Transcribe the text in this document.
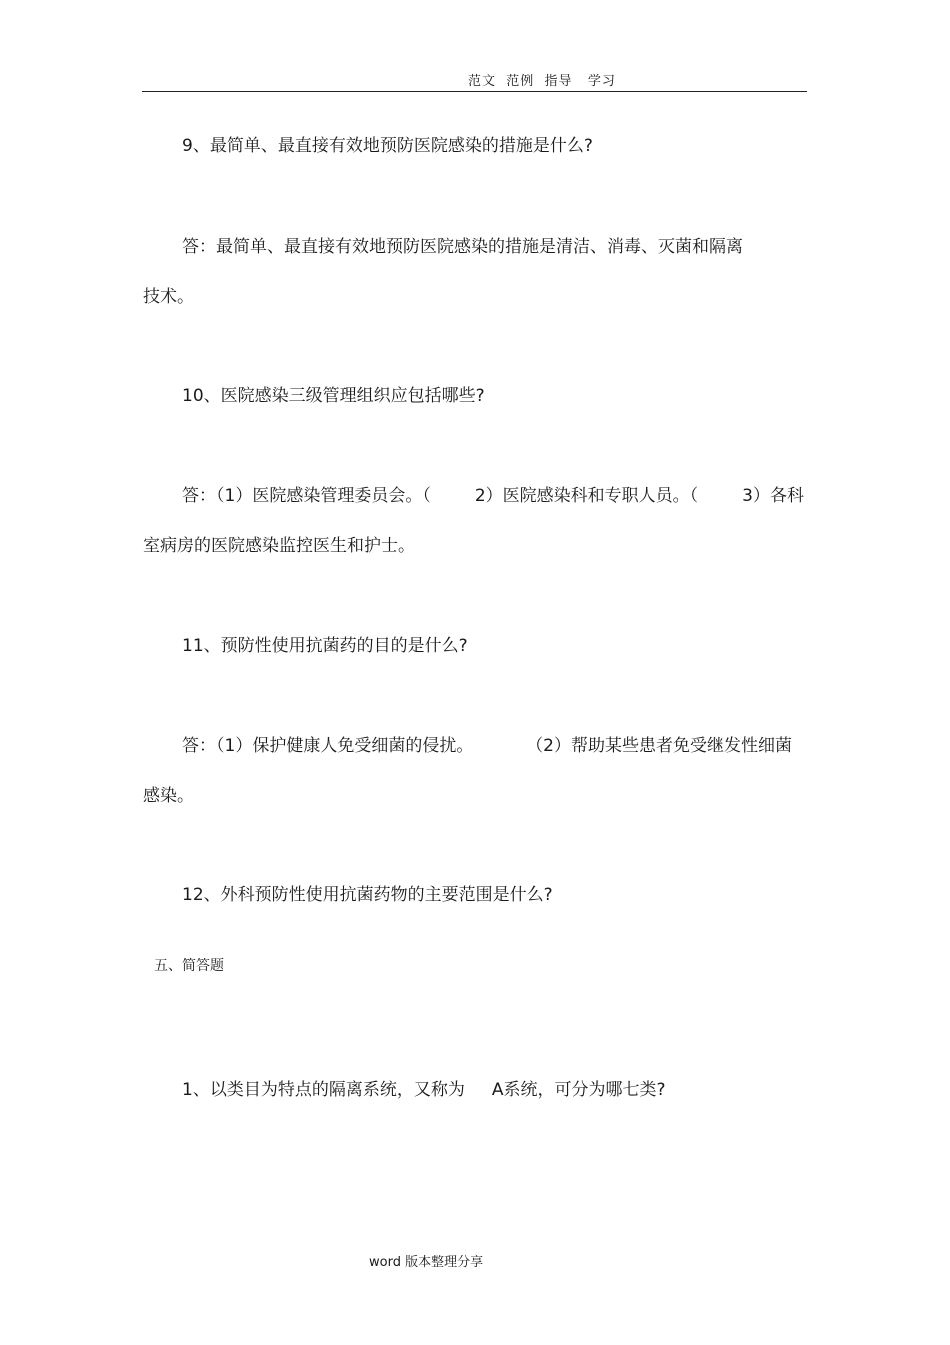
范文  范例  指导   学习
9、最简单、最直接有效地预防医院感染的措施是什么?
答：最简单、最直接有效地预防医院感染的措施是清洁、消毒、灭菌和隔离
技术。
10、医院感染三级管理组织应包括哪些?
答：（1）医院感染管理委员会。（	2）医院感染科和专职人员。（	3）各科
室病房的医院感染监控医生和护士。
11、预防性使用抗菌药的目的是什么?
答：（1）保护健康人免受细菌的侵扰。	（2）帮助某些患者免受继发性细菌
感染。
12、外科预防性使用抗菌药物的主要范围是什么?
五、简答题
1、以类目为特点的隔离系统，又称为     A系统，可分为哪七类?
word 版本整理分享
